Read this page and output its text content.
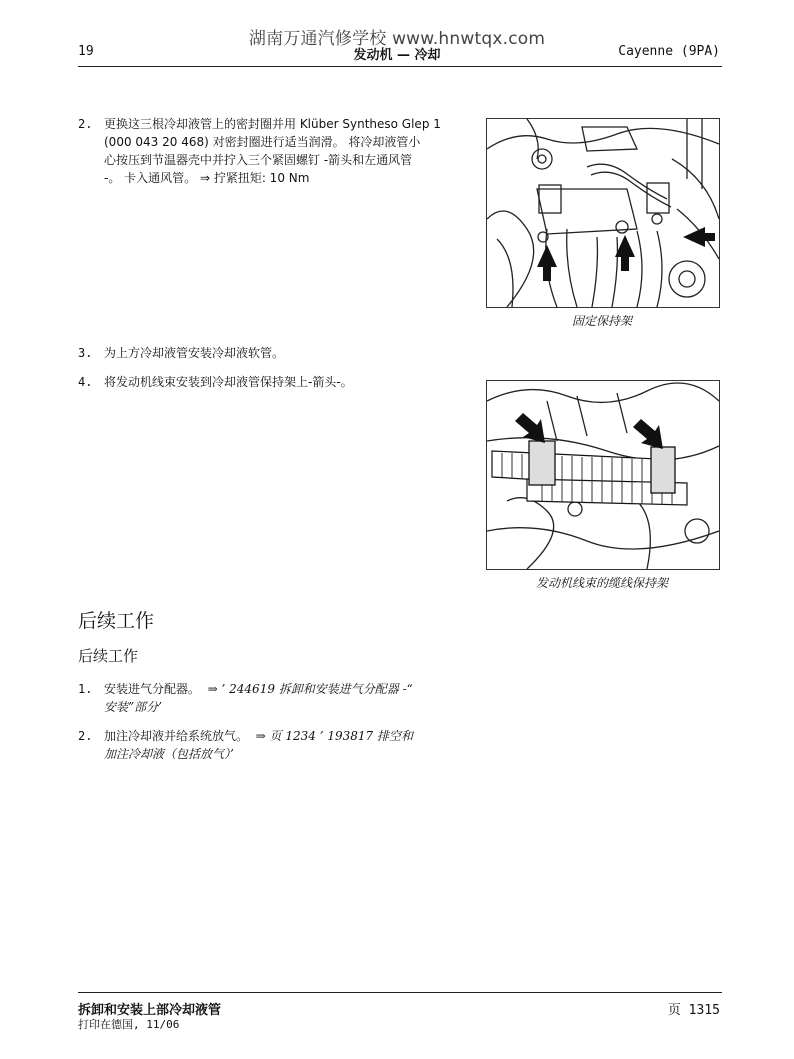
湖南万通汽修学校 www.hnwtqx.com
19	发动机 — 冷却	Cayenne (9PA)
2. 更换这三根冷却液管上的密封圈并用 Klüber Syntheso Glep 1
(000 043 20 468) 对密封圈进行适当润滑。 将冷却液管小
心按压到节温器壳中并拧入三个紧固螺钉 -箭头和左通风管
-。 卡入通风管。 ⇒ 拧紧扭矩: 10 Nm
固定保持架
3. 为上方冷却液管安装冷却液软管。
4. 将发动机线束安装到冷却液管保持架上-箭头-。
发动机线束的缆线保持架
后续工作
后续工作
1. 安装进气分配器。 ⇒ ’ 244619 拆卸和安装进气分配器 -“
安装”部分’
2. 加注冷却液并给系统放气。 ⇒ 页 1234 ’ 193817 排空和
加注冷却液（包括放气）’
拆卸和安装上部冷却液管	页 1315
打印在德国, 11/06
